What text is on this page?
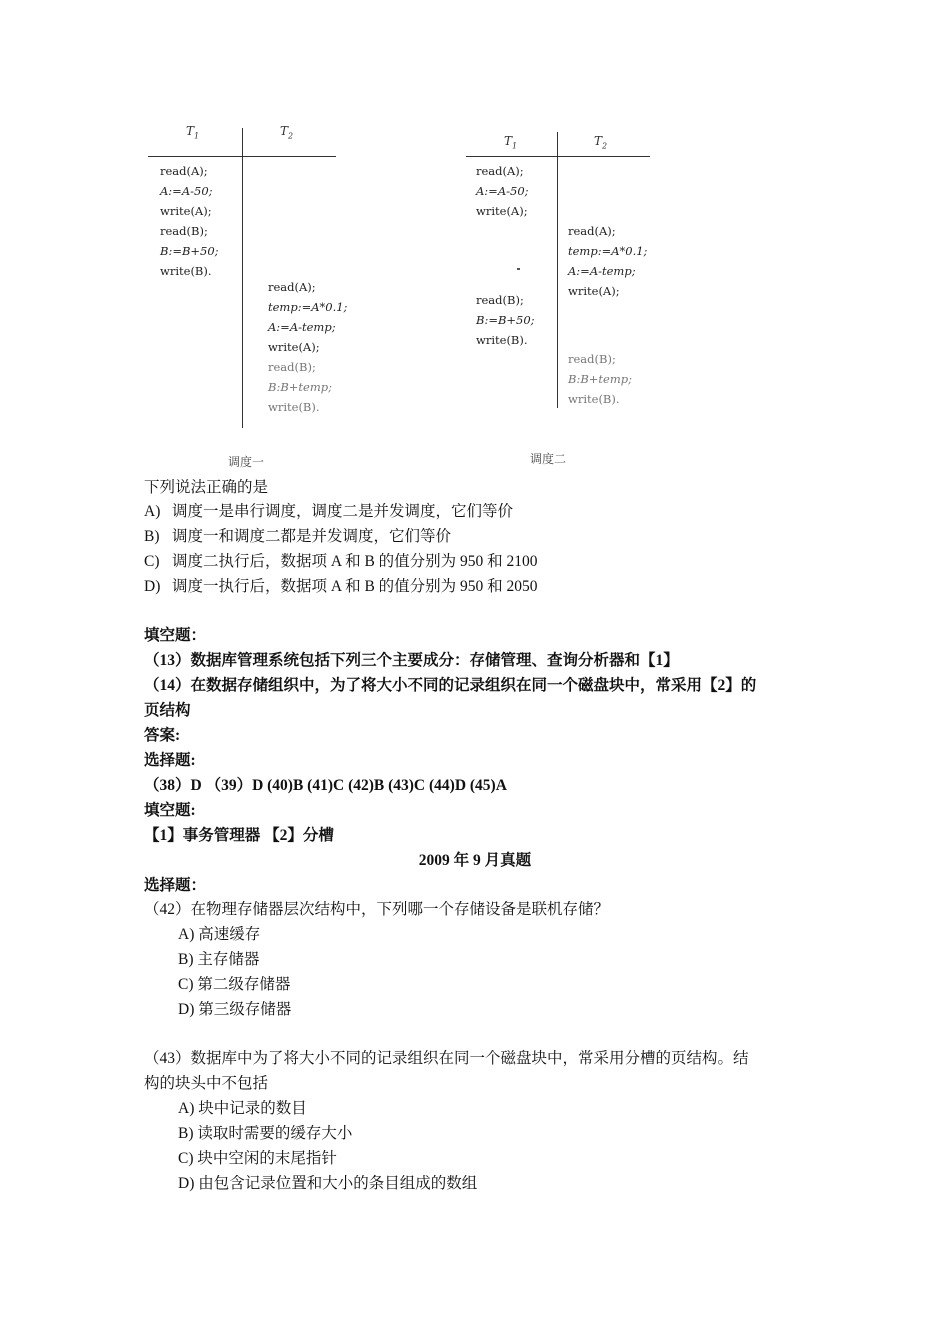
$T_1$	$T_2$
read(A);
A:=A-50;
write(A);
read(B);
B:=B+50;
write(B).
read(A);
temp:=A*0.1;
A:=A-temp;
write(A);
read(B);
B:B+temp;
write(B).
调度一
$T_1$	$T_2$
read(A);
A:=A-50;
write(A);
read(A);
temp:=A*0.1;
A:=A-temp;
write(A);
read(B);
B:=B+50;
write(B).
read(B);
B:B+temp;
write(B).
调度二
下列说法正确的是
A) 调度一是串行调度，调度二是并发调度，它们等价
B) 调度一和调度二都是并发调度，它们等价
C) 调度二执行后，数据项 A 和 B 的值分别为 950 和 2100
D) 调度一执行后，数据项 A 和 B 的值分别为 950 和 2050
填空题：
（13）数据库管理系统包括下列三个主要成分：存储管理、查询分析器和【1】
（14）在数据存储组织中，为了将大小不同的记录组织在同一个磁盘块中，常采用【2】的
页结构
答案:
选择题:
（38）D （39）D (40)B (41)C (42)B (43)C (44)D (45)A
填空题:
【1】事务管理器 【2】分槽
2009 年 9 月真题
选择题：
（42）在物理存储器层次结构中，下列哪一个存储设备是联机存储？
A) 高速缓存
B) 主存储器
C) 第二级存储器
D) 第三级存储器
（43）数据库中为了将大小不同的记录组织在同一个磁盘块中，常采用分槽的页结构。结
构的块头中不包括
A) 块中记录的数目
B) 读取时需要的缓存大小
C) 块中空闲的末尾指针
D) 由包含记录位置和大小的条目组成的数组
